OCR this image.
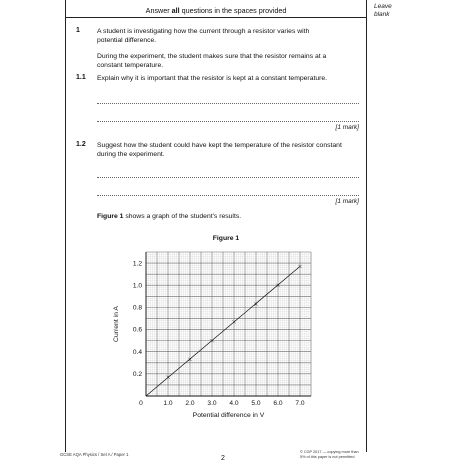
Leave
blank
Answer all questions in the spaces provided
1	A student is investigating how the current through a resistor varies with
potential difference.
During the experiment, the student makes sure that the resistor remains at a
constant temperature.
1.1 Explain why it is important that the resistor is kept at a constant temperature.
[1 mark]
1.2 Suggest how the student could have kept the temperature of the resistor constant
during the experiment.
[1 mark]
Figure 1 shows a graph of the student's results.
Figure 1
0	1.0 2.0 3.0 4.0 5.0 6.0 7.0
0.2
0.4
0.6
0.8
1.0
1.2
Potential difference in V
Current in A
GCSE AQA Physics / Set A / Paper 1
2
© CGP 2017 — copying more than
5% of this paper is not permitted
